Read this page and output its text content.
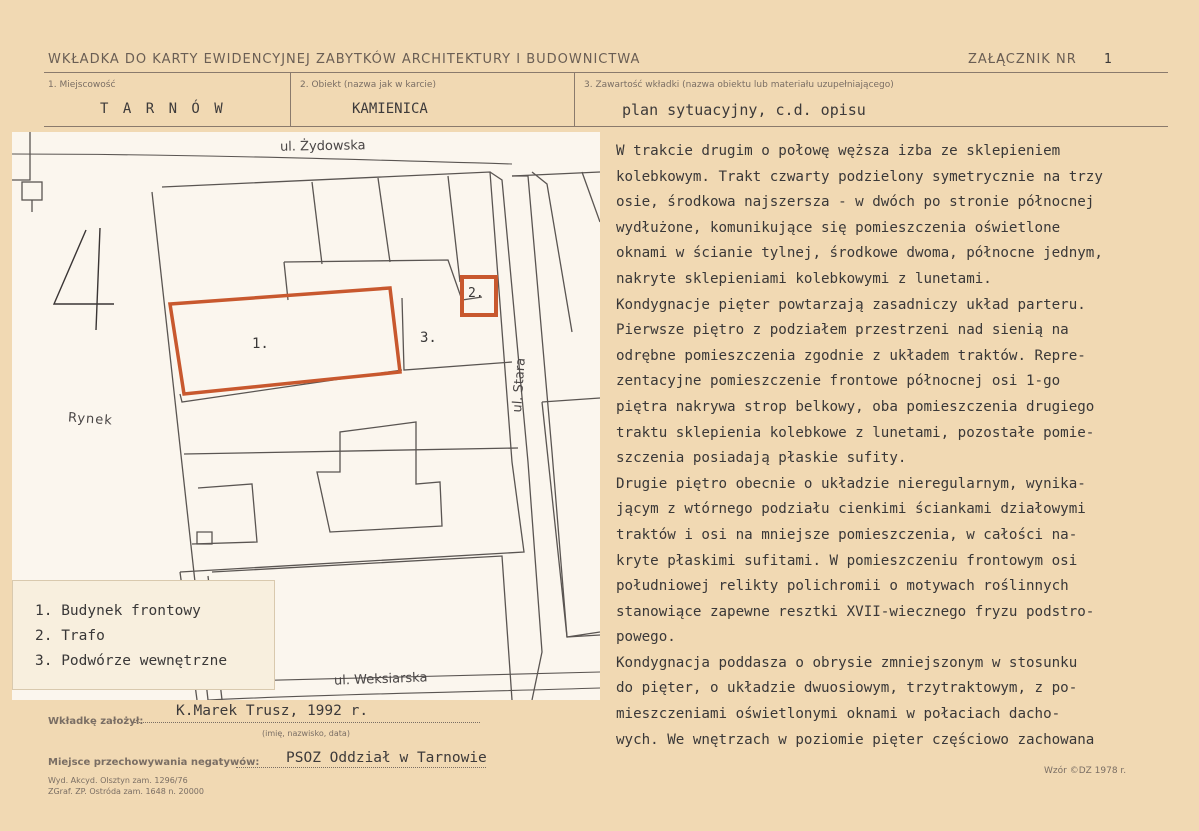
WKŁADKA DO KARTY EWIDENCYJNEJ ZABYTKÓW ARCHITEKTURY I BUDOWNICTWA	ZAŁĄCZNIK NR 1
1. Miejscowość
T A R N Ó W
2. Obiekt (nazwa jak w karcie)
KAMIENICA
3. Zawartość wkładki (nazwa obiektu lub materiału uzupełniającego)
plan sytuacyjny, c.d. opisu
ul. Żydowska
Rynek
ul. Stara
ul. Weksiarska
1.
2.
3.
1. Budynek frontowy
2. Trafo
3. Podwórze wewnętrzne
W trakcie drugim o połowę węższa izba ze sklepieniem
kolebkowym. Trakt czwarty podzielony symetrycznie na trzy
osie, środkowa najszersza - w dwóch po stronie północnej
wydłużone, komunikujące się pomieszczenia oświetlone
oknami w ścianie tylnej, środkowe dwoma, północne jednym,
nakryte sklepieniami kolebkowymi z lunetami.
Kondygnacje pięter powtarzają zasadniczy układ parteru.
Pierwsze piętro z podziałem przestrzeni nad sienią na
odrębne pomieszczenia zgodnie z układem traktów. Repre-
zentacyjne pomieszczenie frontowe północnej osi 1-go
piętra nakrywa strop belkowy, oba pomieszczenia drugiego
traktu sklepienia kolebkowe z lunetami, pozostałe pomie-
szczenia posiadają płaskie sufity.
Drugie piętro obecnie o układzie nieregularnym, wynika-
jącym z wtórnego podziału cienkimi ściankami działowymi
traktów i osi na mniejsze pomieszczenia, w całości na-
kryte płaskimi sufitami. W pomieszczeniu frontowym osi
południowej relikty polichromii o motywach roślinnych
stanowiące zapewne resztki XVII-wiecznego fryzu podstro-
powego.
Kondygnacja poddasza o obrysie zmniejszonym w stosunku
do pięter, o układzie dwuosiowym, trzytraktowym, z po-
mieszczeniami oświetlonymi oknami w połaciach dacho-
wych. We wnętrzach w poziomie pięter częściowo zachowana
Wkładkę założył:
K.Marek Trusz, 1992 r.
(imię, nazwisko, data)
Miejsce przechowywania negatywów: PSOZ Oddział w Tarnowie
Wyd. Akcyd. Olsztyn zam. 1296/76
ZGraf. ZP. Ostróda zam. 1648 n. 20000
Wzór ©DZ 1978 r.
